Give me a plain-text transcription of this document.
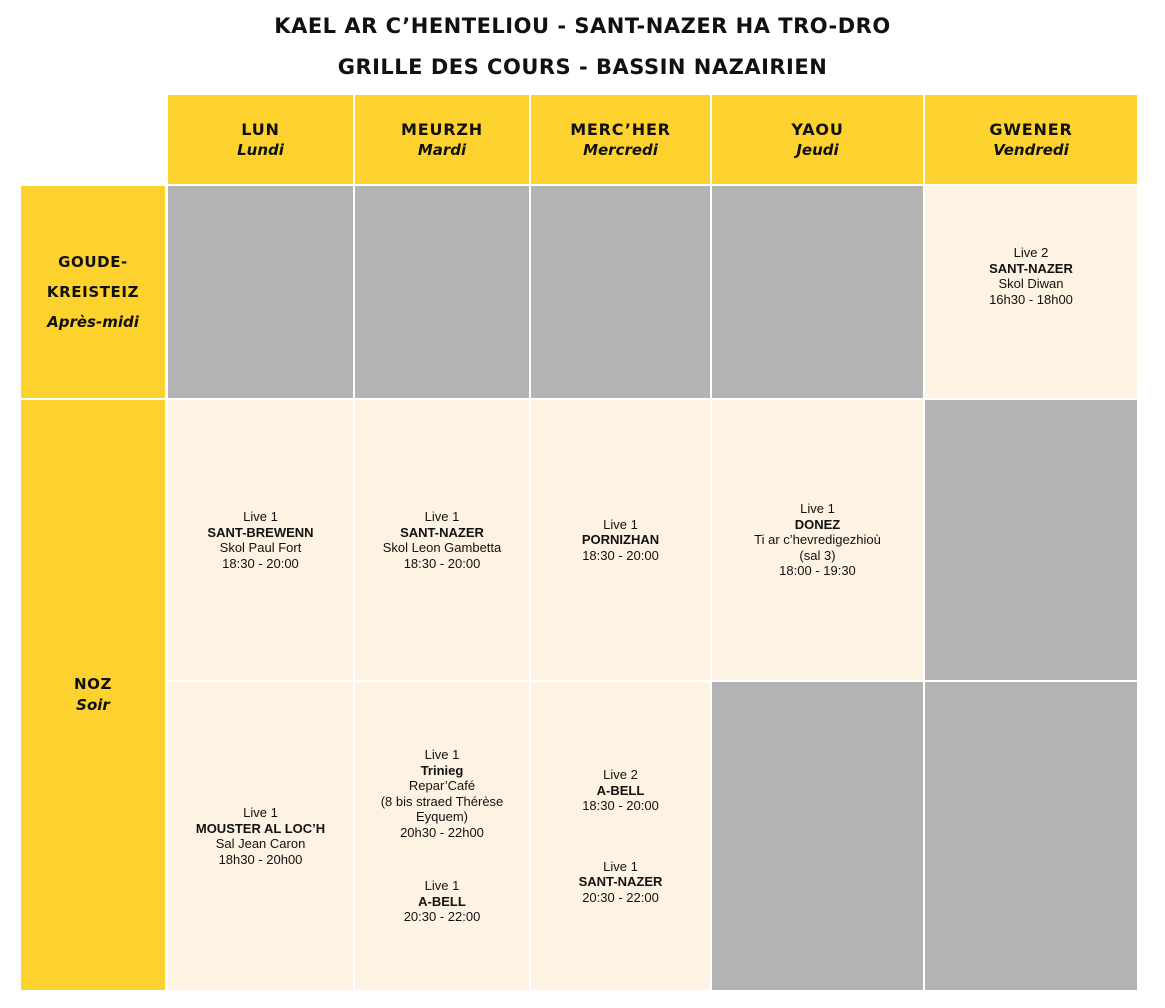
KAEL AR C’HENTELIOU - SANT-NAZER HA TRO-DRO
GRILLE DES COURS - BASSIN NAZAIRIEN
LUN
Lundi
MEURZH
Mardi
MERC’HER
Mercredi
YAOU
Jeudi
GWENER
Vendredi
GOUDE-
KREISTEIZ
Après-midi
NOZ
Soir
Live 2
SANT-NAZER
Skol Diwan
16h30 - 18h00
Live 1
SANT-BREWENN
Skol Paul Fort
18:30 - 20:00
Live 1
SANT-NAZER
Skol Leon Gambetta
18:30 - 20:00
Live 1
PORNIZHAN
18:30 - 20:00
Live 1
DONEZ
Ti ar c’hevredigezhioù
(sal 3)
18:00 - 19:30
Live 1
MOUSTER AL LOC’H
Sal Jean Caron
18h30 - 20h00
Live 1
Trinieg
Repar’Café
(8 bis straed Thérèse Eyquem)
20h30 - 22h00
Live 1
A-BELL
20:30 - 22:00
Live 2
A-BELL
18:30 - 20:00
Live 1
SANT-NAZER
20:30 - 22:00
